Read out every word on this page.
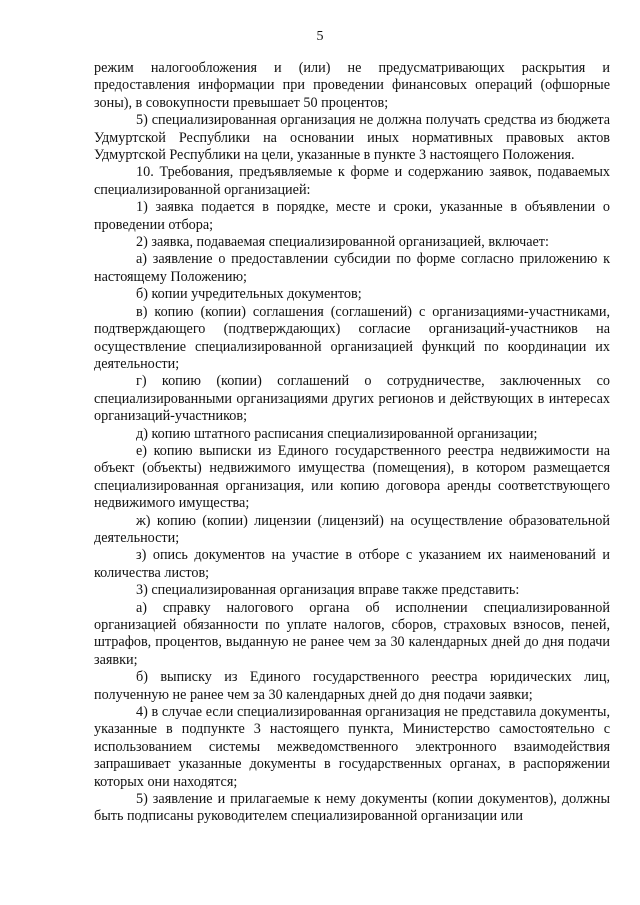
5

режим налогообложения и (или) не предусматривающих раскрытия и предоставления информации при проведении финансовых операций (офшорные зоны), в совокупности превышает 50 процентов;

5) специализированная организация не должна получать средства из бюджета Удмуртской Республики на основании иных нормативных правовых актов Удмуртской Республики на цели, указанные в пункте 3 настоящего Положения.

10. Требования, предъявляемые к форме и содержанию заявок, подаваемых специализированной организацией:

1) заявка подается в порядке, месте и сроки, указанные в объявлении о проведении отбора;

2) заявка, подаваемая специализированной организацией, включает:

а) заявление о предоставлении субсидии по форме согласно приложению к настоящему Положению;

б) копии учредительных документов;

в) копию (копии) соглашения (соглашений) с организациями-участниками, подтверждающего (подтверждающих) согласие организаций-участников на осуществление специализированной организацией функций по координации их деятельности;

г) копию (копии) соглашений о сотрудничестве, заключенных со специализированными организациями других регионов и действующих в интересах организаций-участников;

д) копию штатного расписания специализированной организации;

е) копию выписки из Единого государственного реестра недвижимости на объект (объекты) недвижимого имущества (помещения), в котором размещается специализированная организация, или копию договора аренды соответствующего недвижимого имущества;

ж) копию (копии) лицензии (лицензий) на осуществление образовательной деятельности;

з) опись документов на участие в отборе с указанием их наименований и количества листов;

3) специализированная организация вправе также представить:

а) справку налогового органа об исполнении специализированной организацией обязанности по уплате налогов, сборов, страховых взносов, пеней, штрафов, процентов, выданную не ранее чем за 30 календарных дней до дня подачи заявки;

б) выписку из Единого государственного реестра юридических лиц, полученную не ранее чем за 30 календарных дней до дня подачи заявки;

4) в случае если специализированная организация не представила документы, указанные в подпункте 3 настоящего пункта, Министерство самостоятельно с использованием системы межведомственного электронного взаимодействия запрашивает указанные документы в государственных органах, в распоряжении которых они находятся;

5) заявление и прилагаемые к нему документы (копии документов), должны быть подписаны руководителем специализированной организации или
